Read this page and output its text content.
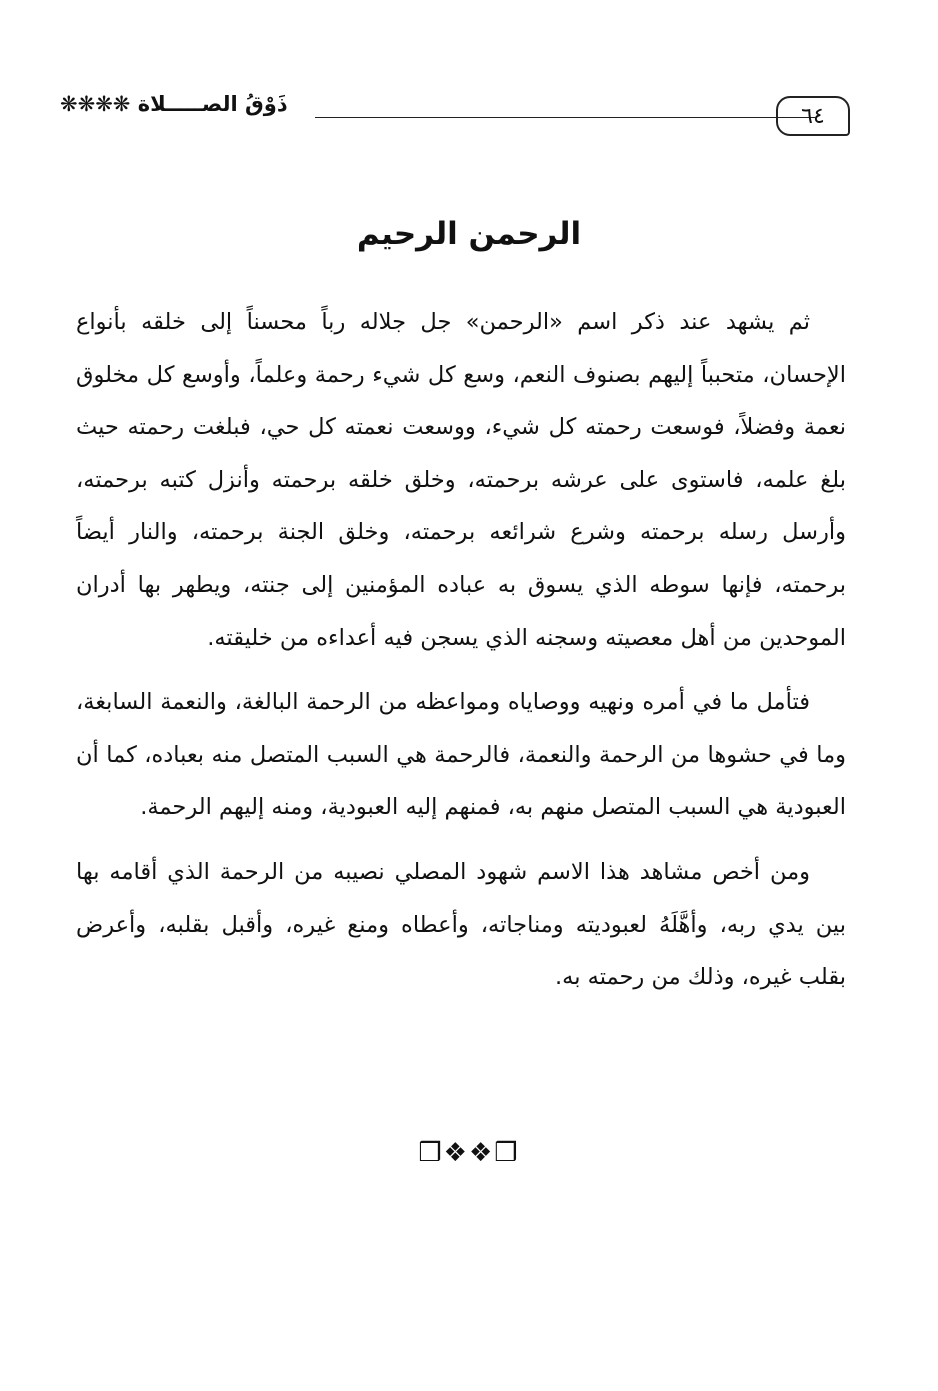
ذَوْقُ الصـــــلاة ❋❋❋❋	٦٤
الرحمن الرحيم

ثم يشهد عند ذكر اسم «الرحمن» جل جلاله رباً محسناً إلى خلقه بأنواع الإحسان، متحبباً إليهم بصنوف النعم، وسع كل شيء رحمة وعلماً، وأوسع كل مخلوق نعمة وفضلاً، فوسعت رحمته كل شيء، ووسعت نعمته كل حي، فبلغت رحمته حيث بلغ علمه، فاستوى على عرشه برحمته، وخلق خلقه برحمته وأنزل كتبه برحمته، وأرسل رسله برحمته وشرع شرائعه برحمته، وخلق الجنة برحمته، والنار أيضاً برحمته، فإنها سوطه الذي يسوق به عباده المؤمنين إلى جنته، ويطهر بها أدران الموحدين من أهل معصيته وسجنه الذي يسجن فيه أعداءه من خليقته.

فتأمل ما في أمره ونهيه ووصاياه ومواعظه من الرحمة البالغة، والنعمة السابغة، وما في حشوها من الرحمة والنعمة، فالرحمة هي السبب المتصل منه بعباده، كما أن العبودية هي السبب المتصل منهم به، فمنهم إليه العبودية، ومنه إليهم الرحمة.

ومن أخص مشاهد هذا الاسم شهود المصلي نصيبه من الرحمة الذي أقامه بها بين يدي ربه، وأهَّلَهُ لعبوديته ومناجاته، وأعطاه ومنع غيره، وأقبل بقلبه، وأعرض بقلب غيره، وذلك من رحمته به.

❒❖❖❒
